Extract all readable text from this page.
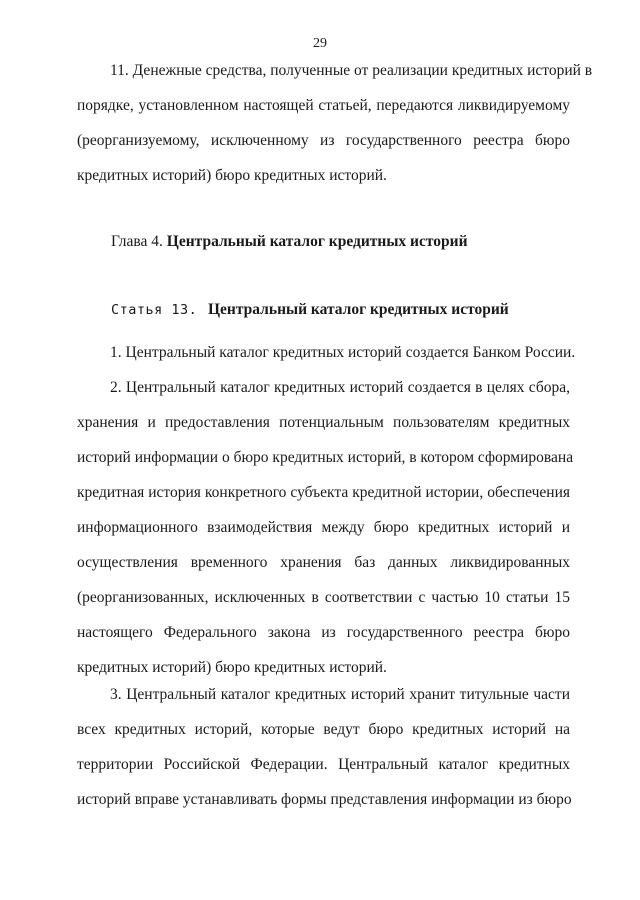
29
11. Денежные средства, полученные от реализации кредитных историй в
порядке, установленном настоящей статьей, передаются ликвидируемому
(реорганизуемому, исключенному из государственного реестра бюро
кредитных историй) бюро кредитных историй.
Глава 4. Центральный каталог кредитных историй
Статья 13. Центральный каталог кредитных историй
1. Центральный каталог кредитных историй создается Банком России.
2. Центральный каталог кредитных историй создается в целях сбора,
хранения и предоставления потенциальным пользователям кредитных
историй информации о бюро кредитных историй, в котором сформирована
кредитная история конкретного субъекта кредитной истории, обеспечения
информационного взаимодействия между бюро кредитных историй и
осуществления временного хранения баз данных ликвидированных
(реорганизованных, исключенных в соответствии с частью 10 статьи 15
настоящего Федерального закона из государственного реестра бюро
кредитных историй) бюро кредитных историй.
3. Центральный каталог кредитных историй хранит титульные части
всех кредитных историй, которые ведут бюро кредитных историй на
территории Российской Федерации. Центральный каталог кредитных
историй вправе устанавливать формы представления информации из бюро
